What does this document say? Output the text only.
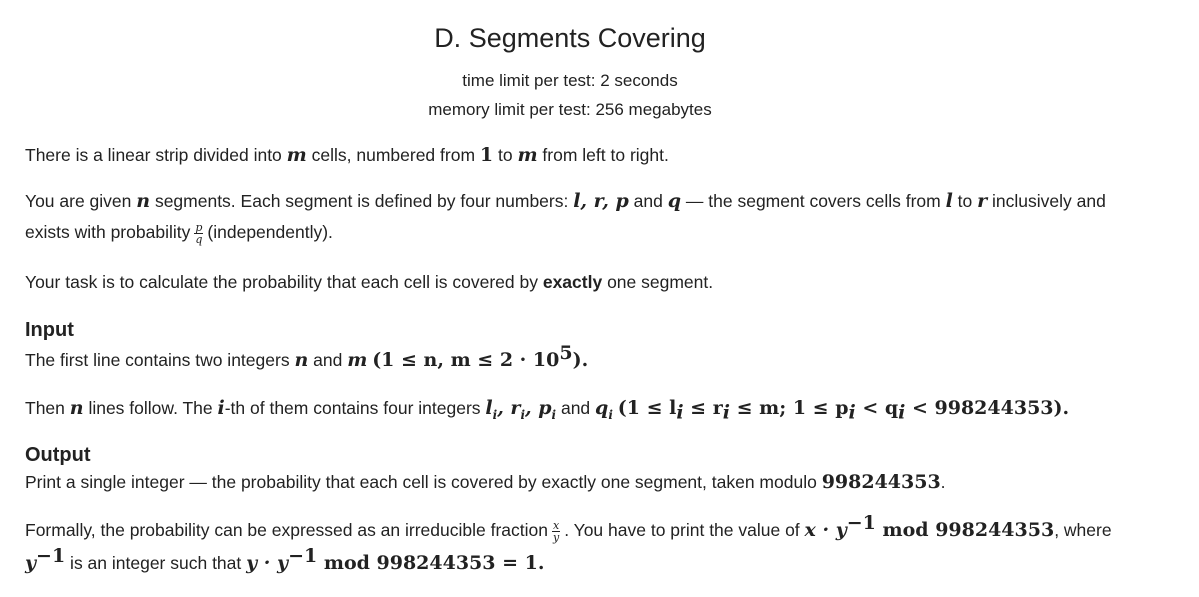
D. Segments Covering
time limit per test: 2 seconds
memory limit per test: 256 megabytes

There is a linear strip divided into m cells, numbered from 1 to m from left to right.

You are given n segments. Each segment is defined by four numbers: l, r, p and q — the segment covers cells from l to r inclusively and

exists with probability $\frac{p}{q}$ (independently).

Your task is to calculate the probability that each cell is covered by exactly one segment.

Input

The first line contains two integers n and m (1 ≤ n, $m \le 2 \cdot 10^5$).

Then n lines follow. The i-th of them contains four integers $l_i$, $r_i$, $p_i$ and $q_i$ ($1 \le l_i \le r_i \le m$; $1 \le p_i < q_i < 998244353$).

Output

Print a single integer — the probability that each cell is covered by exactly one segment, taken modulo 998244353.

Formally, the probability can be expressed as an irreducible fraction $\frac{x}{y}$ . You have to print the value of $x \cdot y^{-1}$ mod 998244353, where

$y^{-1}$ is an integer such that $y \cdot y^{-1}$ mod 998244353 = 1.
